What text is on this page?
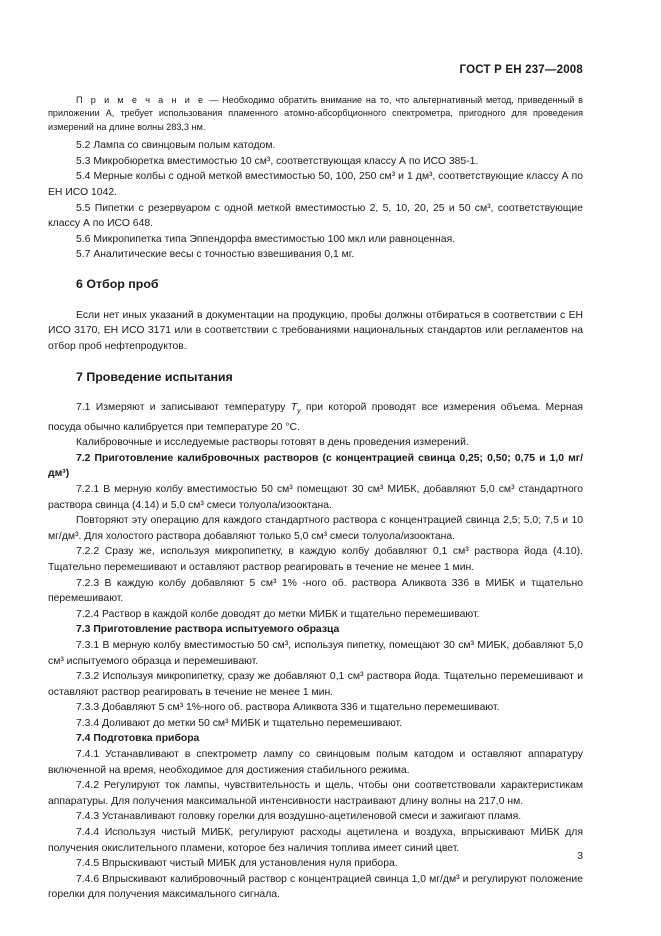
ГОСТ Р ЕН 237—2008
П р и м е ч а н и е — Необходимо обратить внимание на то, что альтернативный метод, приведенный в приложении А, требует использования пламенного атомно-абсорбционного спектрометра, пригодного для проведения измерений на длине волны 283,3 нм.

5.2 Лампа со свинцовым полым катодом.

5.3 Микробюретка вместимостью 10 см³, соответствующая классу А по ИСО 385-1.

5.4 Мерные колбы с одной меткой вместимостью 50, 100, 250 см³ и 1 дм³, соответствующие классу А по ЕН ИСО 1042.

5.5 Пипетки с резервуаром с одной меткой вместимостью 2, 5, 10, 20, 25 и 50 см³, соответствующие классу А по ИСО 648.

5.6 Микропипетка типа Эппендорфа вместимостью 100 мкл или равноценная.

5.7 Аналитические весы с точностью взвешивания 0,1 мг.

6 Отбор проб

Если нет иных указаний в документации на продукцию, пробы должны отбираться в соответствии с ЕН ИСО 3170, ЕН ИСО 3171 или в соответствии с требованиями национальных стандартов или регламентов на отбор проб нефтепродуктов.

7 Проведение испытания

7.1 Измеряют и записывают температуру $T_y$ при которой проводят все измерения объема. Мерная посуда обычно калибруется при температуре 20 °С.

Калибровочные и исследуемые растворы готовят в день проведения измерений.

7.2 Приготовление калибровочных растворов (с концентрацией свинца 0,25; 0,50; 0,75 и 1,0 мг/дм³)

7.2.1 В мерную колбу вместимостью 50 см³ помещают 30 см³ МИБК, добавляют 5,0 см³ стандартного раствора свинца (4.14) и 5,0 см³ смеси толуола/изооктана.

Повторяют эту операцию для каждого стандартного раствора с концентрацией свинца 2,5; 5,0; 7,5 и 10 мг/дм³. Для холостого раствора добавляют только 5,0 см³ смеси толуола/изооктана.

7.2.2 Сразу же, используя микропипетку, в каждую колбу добавляют 0,1 см³ раствора йода (4.10). Тщательно перемешивают и оставляют раствор реагировать в течение не менее 1 мин.

7.2.3 В каждую колбу добавляют 5 см³ 1% -ного об. раствора Аликвота 336 в МИБК и тщательно перемешивают.

7.2.4 Раствор в каждой колбе доводят до метки МИБК и тщательно перемешивают.

7.3 Приготовление раствора испытуемого образца

7.3.1 В мерную колбу вместимостью 50 см³, используя пипетку, помещают 30 см³ МИБК, добавляют 5,0 см³ испытуемого образца и перемешивают.

7.3.2 Используя микропипетку, сразу же добавляют 0,1 см³ раствора йода. Тщательно перемешивают и оставляют раствор реагировать в течение не менее 1 мин.

7.3.3 Добавляют 5 см³ 1%-ного об. раствора Аликвота 336 и тщательно перемешивают.

7.3.4 Доливают до метки 50 см³ МИБК и тщательно перемешивают.

7.4 Подготовка прибора

7.4.1 Устанавливают в спектрометр лампу со свинцовым полым катодом и оставляют аппаратуру включенной на время, необходимое для достижения стабильного режима.

7.4.2 Регулируют ток лампы, чувствительность и щель, чтобы они соответствовали характеристикам аппаратуры. Для получения максимальной интенсивности настраивают длину волны на 217,0 нм.

7.4.3 Устанавливают головку горелки для воздушно-ацетиленовой смеси и зажигают пламя.

7.4.4 Используя чистый МИБК, регулируют расходы ацетилена и воздуха, впрыскивают МИБК для получения окислительного пламени, которое без наличия топлива имеет синий цвет.

7.4.5 Впрыскивают чистый МИБК для установления нуля прибора.

7.4.6 Впрыскивают калибровочный раствор с концентрацией свинца 1,0 мг/дм³ и регулируют положение горелки для получения максимального сигнала.

3
